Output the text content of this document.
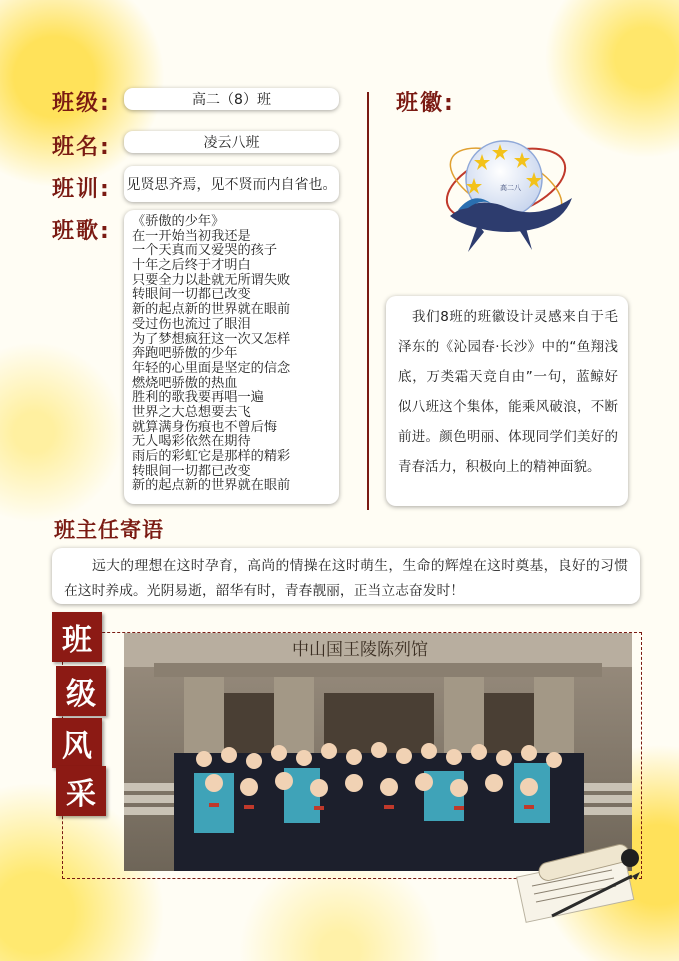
班级:	高二（8）班
班名:	凌云八班
班训: 见贤思齐焉，见不贤而内自省也。
班歌: 《骄傲的少年》
在一开始当初我还是
一个天真而又爱哭的孩子
十年之后终于才明白
只要全力以赴就无所谓失败
转眼间一切都已改变
新的起点新的世界就在眼前
受过伤也流过了眼泪
为了梦想疯狂这一次又怎样
奔跑吧骄傲的少年
年轻的心里面是坚定的信念
燃烧吧骄傲的热血
胜利的歌我要再唱一遍
世界之大总想要去飞
就算满身伤痕也不曾后悔
无人喝彩依然在期待
雨后的彩虹它是那样的精彩
转眼间一切都已改变
新的起点新的世界就在眼前
班徽:
高二八
我们8班的班徽设计灵感来自于毛泽东的《沁园春·长沙》中的“鱼翔浅底，万类霜天竞自由”一句，蓝鲸好似八班这个集体，能乘风破浪，不断前进。颜色明丽、体现同学们美好的青春活力，积极向上的精神面貌。
班主任寄语
远大的理想在这时孕育，高尚的情操在这时萌生，生命的辉煌在这时奠基，良好的习惯在这时养成。光阴易逝，韶华有时，青春靓丽，正当立志奋发时！
班
级
风
采
中山国王陵陈列馆
